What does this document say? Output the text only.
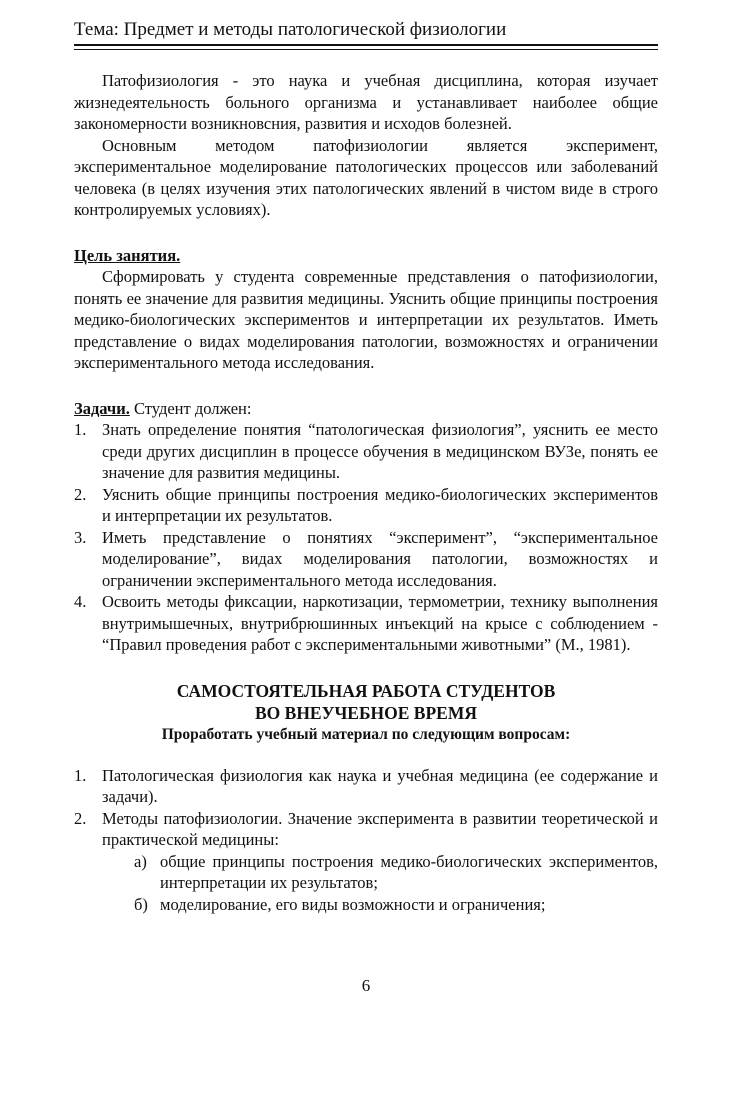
Тема: Предмет и методы патологической физиологии

Патофизиология - это наука и учебная дисциплина, которая изучает жизнедеятельность больного организма и устанавливает наиболее общие закономерности возникновсния, развития и исходов болезней.

Основным методом патофизиологии является эксперимент, экспериментальное моделирование патологических процессов или заболеваний человека (в целях изучения этих патологических явлений в чистом виде в строго контролируемых условиях).

Цель занятия.

Сформировать у студента современные представления о патофизиологии, понять ее значение для развития медицины. Уяснить общие принципы построения медико-биологических экспериментов и интерпретации их результатов. Иметь представление о видах моделирования патологии, возможностях и ограничении экспериментального метода исследования.

Задачи. Студент должен:
1. Знать определение понятия “патологическая физиология”, уяснить ее место среди других дисциплин в процессе обучения в медицинском ВУЗе, понять ее значение для развития медицины.
2. Уяснить общие принципы построения медико-биологических экспериментов и интерпретации их результатов.
3. Иметь представление о понятиях “эксперимент”, “экспериментальное моделирование”, видах моделирования патологии, возможностях и ограничении экспериментального метода исследования.
4. Освоить методы фиксации, наркотизации, термометрии, технику выполнения внутримышечных, внутрибрюшинных инъекций на крысе с соблюдением - “Правил проведения работ с экспериментальными животными” (М., 1981).
САМОСТОЯТЕЛЬНАЯ РАБОТА СТУДЕНТОВ
ВО ВНЕУЧЕБНОЕ ВРЕМЯ
Проработать учебный материал по следующим вопросам:
1. Патологическая физиология как наука и учебная медицина (ее содержание и задачи).
2. Методы патофизиологии. Значение эксперимента в развитии теоретической и практической медицины:
а) общие принципы построения медико-биологических экспериментов, интерпретации их результатов;
б) моделирование, его виды возможности и ограничения;
6
